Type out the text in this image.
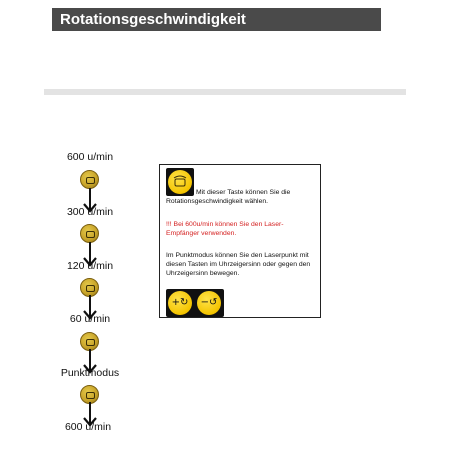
Rotationsgeschwindigkeit
600 u/min
300 u/min
120 u/min
60 u/min
Punktmodus
600 u/min
Mit dieser Taste können Sie die Rotationsgeschwindigkeit wählen.
!!! Bei 600u/min können Sie den Laser-Empfänger verwenden.
Im Punktmodus können Sie den Laserpunkt mit diesen Tasten im Uhrzeigersinn oder gegen den Uhrzeigersinn bewegen.
+↻	−↺
